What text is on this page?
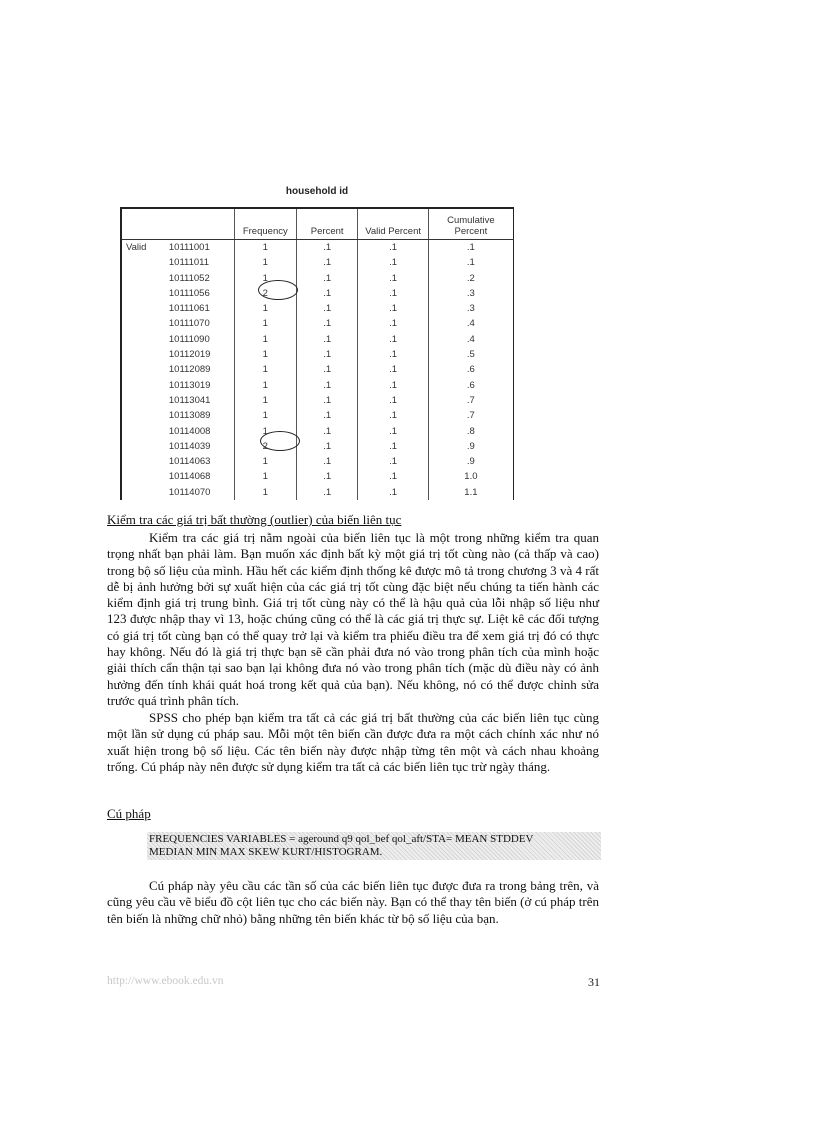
household id
		Frequency	Percent	Valid Percent	Cumulative
Percent
Valid	10111001	1	.1	.1	.1
	10111011	1	.1	.1	.1
	10111052	1	.1	.1	.2
	10111056	2	.1	.1	.3
	10111061	1	.1	.1	.3
	10111070	1	.1	.1	.4
	10111090	1	.1	.1	.4
	10112019	1	.1	.1	.5
	10112089	1	.1	.1	.6
	10113019	1	.1	.1	.6
	10113041	1	.1	.1	.7
	10113089	1	.1	.1	.7
	10114008	1	.1	.1	.8
	10114039	2	.1	.1	.9
	10114063	1	.1	.1	.9
	10114068	1	.1	.1	1.0
	10114070	1	.1	.1	1.1
Kiểm tra các giá trị bất thường (outlier) của biến liên tục

Kiểm tra các giá trị nằm ngoài của biến liên tục là một trong những kiểm tra quan trọng nhất bạn phải làm. Bạn muốn xác định bất kỳ một giá trị tốt cùng nào (cả thấp và cao) trong bộ số liệu của mình. Hầu hết các kiểm định thống kê được mô tả trong chương 3 và 4 rất dễ bị ảnh hưởng bởi sự xuất hiện của các giá trị tốt cùng đặc biệt nếu chúng ta tiến hành các kiểm định giá trị trung bình. Giá trị tốt cùng này có thể là hậu quả của lỗi nhập số liệu như 123 được nhập thay vì 13, hoặc chúng cũng có thể là các giá trị thực sự. Liệt kê các đối tượng có giá trị tốt cùng bạn có thể quay trở lại và kiểm tra phiếu điều tra để xem giá trị đó có thực hay không. Nếu đó là giá trị thực bạn sẽ cần phải đưa nó vào trong phân tích của mình hoặc giải thích cẩn thận tại sao bạn lại không đưa nó vào trong phân tích (mặc dù điều này có ảnh hưởng đến tính khái quát hoá trong kết quả của bạn). Nếu không, nó có thể được chỉnh sửa trước quá trình phân tích.

SPSS cho phép bạn kiểm tra tất cả các giá trị bất thường của các biến liên tục cùng một lần sử dụng cú pháp sau. Mỗi một tên biến cần được đưa ra một cách chính xác như nó xuất hiện trong bộ số liệu. Các tên biến này được nhập từng tên một và cách nhau khoảng trống. Cú pháp này nên được sử dụng kiểm tra tất cả các biến liên tục trừ ngày tháng.

Cú pháp
FREQUENCIES VARIABLES = ageround q9 qol_bef qol_aft/STA= MEAN STDDEV
MEDIAN MIN MAX SKEW KURT/HISTOGRAM.

Cú pháp này yêu cầu các tần số của các biến liên tục được đưa ra trong bảng trên, và cũng yêu cầu vẽ biểu đồ cột liên tục cho các biến này. Bạn có thể thay tên biến (ở cú pháp trên tên biến là những chữ nhỏ) bằng những tên biến khác từ bộ số liệu của bạn.

http://www.ebook.edu.vn	31
